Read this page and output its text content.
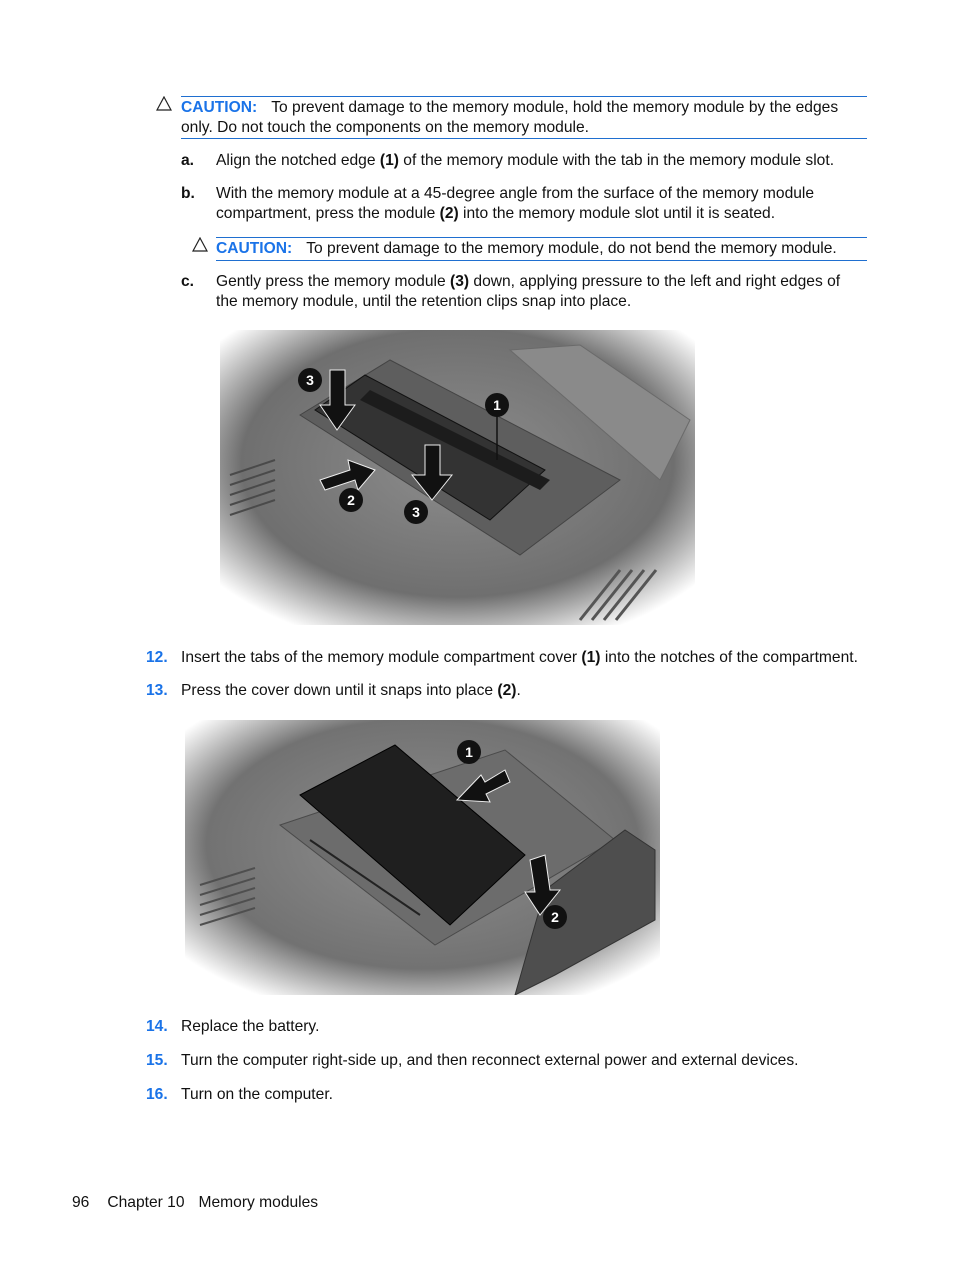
CAUTION: To prevent damage to the memory module, hold the memory module by the edges only. Do not touch the components on the memory module.
a. Align the notched edge (1) of the memory module with the tab in the memory module slot.
b. With the memory module at a 45-degree angle from the surface of the memory module compartment, press the module (2) into the memory module slot until it is seated.
CAUTION: To prevent damage to the memory module, do not bend the memory module.
c. Gently press the memory module (3) down, applying pressure to the left and right edges of the memory module, until the retention clips snap into place.
3
1
2
3
12. Insert the tabs of the memory module compartment cover (1) into the notches of the compartment.
13. Press the cover down until it snaps into place (2).
1
2
14. Replace the battery.
15. Turn the computer right-side up, and then reconnect external power and external devices.
16. Turn on the computer.
96 Chapter 10 Memory modules
